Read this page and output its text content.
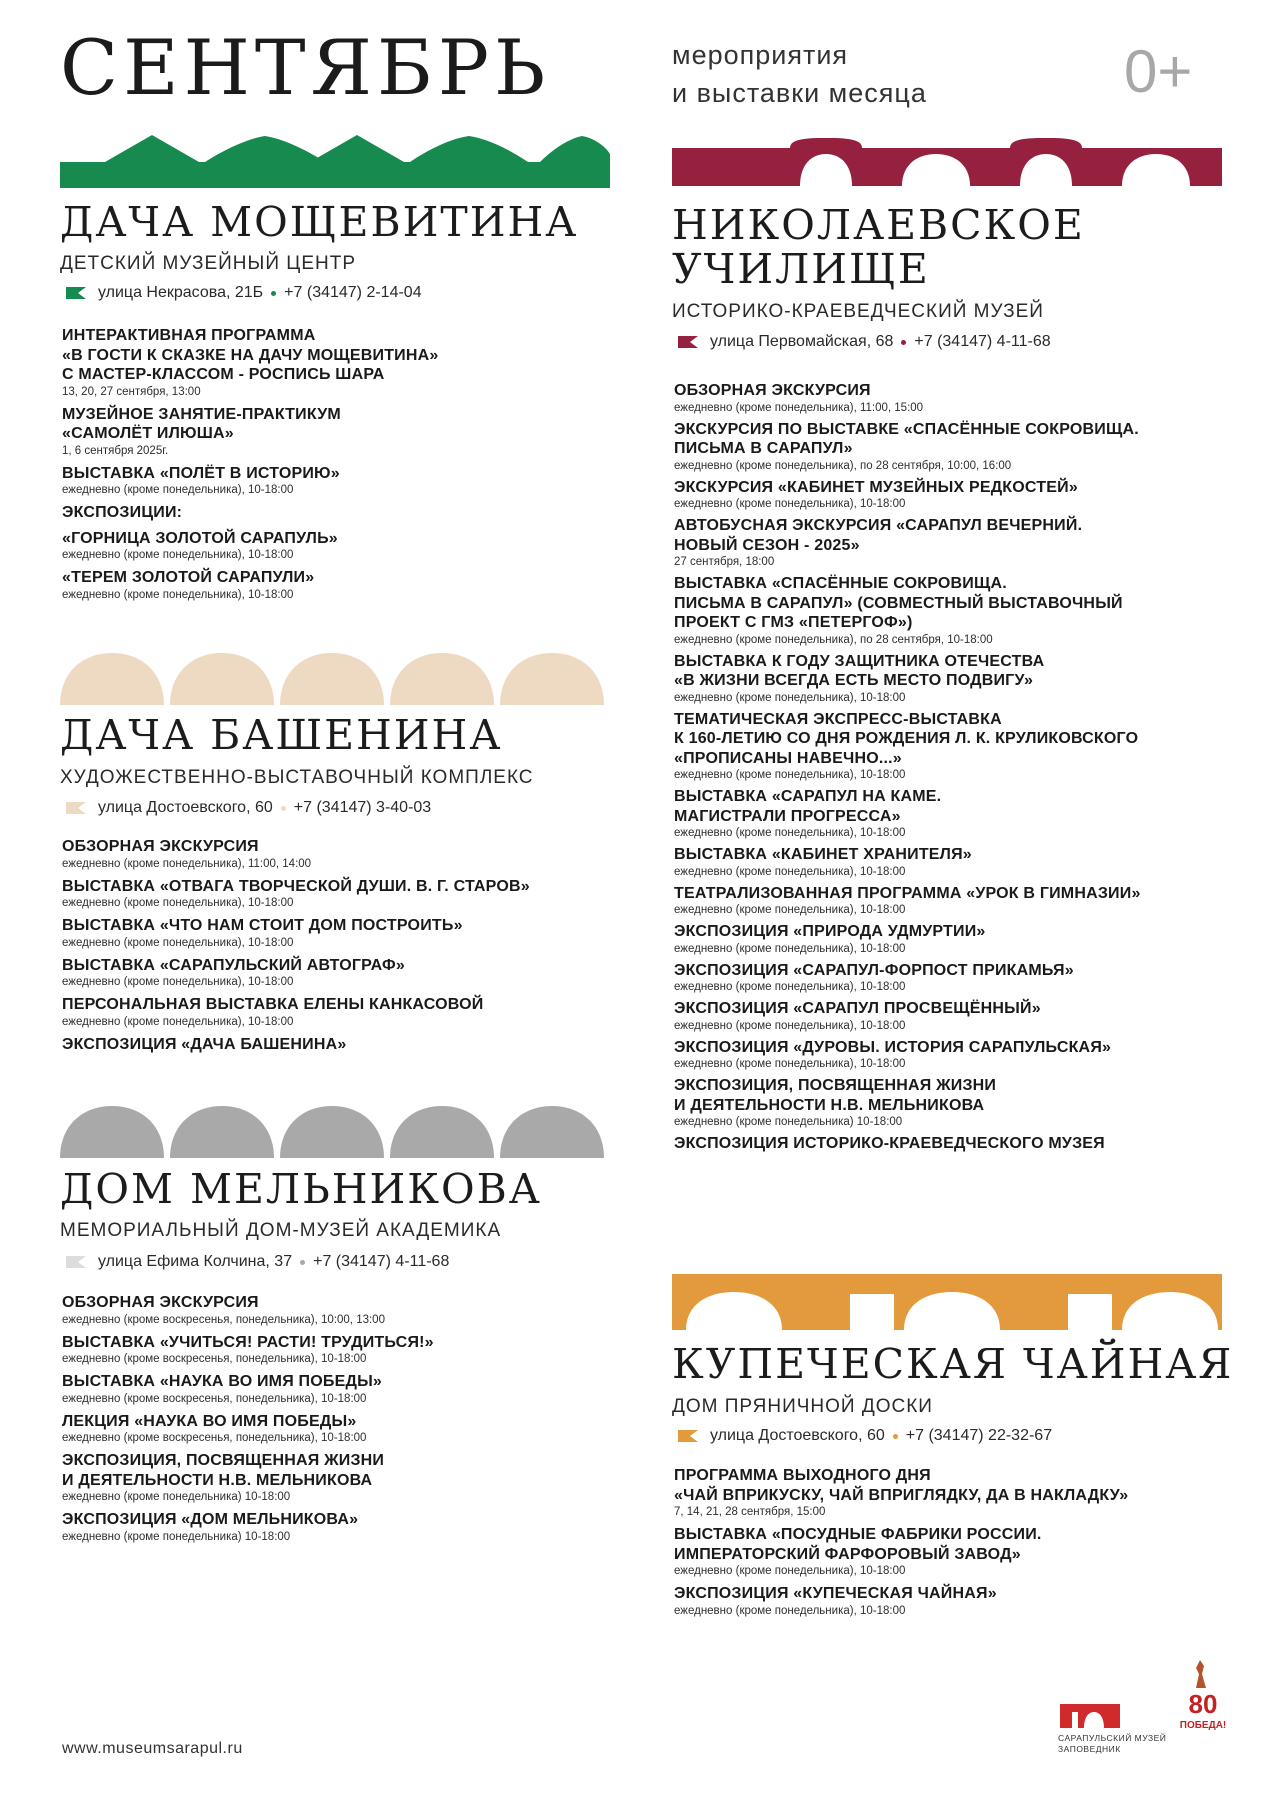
СЕНТЯБРЬ	мероприятия
и выставки месяца	0+
ДАЧА МОЩЕВИТИНА
ДЕТСКИЙ МУЗЕЙНЫЙ ЦЕНТР
улица Некрасова, 21Б +7 (34147) 2-14-04
ИНТЕРАКТИВНАЯ ПРОГРАММА
«В ГОСТИ К СКАЗКЕ НА ДАЧУ МОЩЕВИТИНА»
С МАСТЕР-КЛАССОМ - РОСПИСЬ ШАРА
13, 20, 27 сентября, 13:00
МУЗЕЙНОЕ ЗАНЯТИЕ-ПРАКТИКУМ
«САМОЛЁТ ИЛЮША»
1, 6 сентября 2025г.
ВЫСТАВКА «ПОЛЁТ В ИСТОРИЮ»
ежедневно (кроме понедельника), 10-18:00
ЭКСПОЗИЦИИ:
«ГОРНИЦА ЗОЛОТОЙ САРАПУЛЬ»
ежедневно (кроме понедельника), 10-18:00
«ТЕРЕМ ЗОЛОТОЙ САРАПУЛИ»
ежедневно (кроме понедельника), 10-18:00
ДАЧА БАШЕНИНА
ХУДОЖЕСТВЕННО-ВЫСТАВОЧНЫЙ КОМПЛЕКС
улица Достоевского, 60 +7 (34147) 3-40-03
ОБЗОРНАЯ ЭКСКУРСИЯ
ежедневно (кроме понедельника), 11:00, 14:00
ВЫСТАВКА «ОТВАГА ТВОРЧЕСКОЙ ДУШИ. В. Г. СТАРОВ»
ежедневно (кроме понедельника), 10-18:00
ВЫСТАВКА «ЧТО НАМ СТОИТ ДОМ ПОСТРОИТЬ»
ежедневно (кроме понедельника), 10-18:00
ВЫСТАВКА «САРАПУЛЬСКИЙ АВТОГРАФ»
ежедневно (кроме понедельника), 10-18:00
ПЕРСОНАЛЬНАЯ ВЫСТАВКА ЕЛЕНЫ КАНКАСОВОЙ
ежедневно (кроме понедельника), 10-18:00
ЭКСПОЗИЦИЯ «ДАЧА БАШЕНИНА»
ДОМ МЕЛЬНИКОВА
МЕМОРИАЛЬНЫЙ ДОМ-МУЗЕЙ АКАДЕМИКА
улица Ефима Колчина, 37 +7 (34147) 4-11-68
ОБЗОРНАЯ ЭКСКУРСИЯ
ежедневно (кроме воскресенья, понедельника), 10:00, 13:00
ВЫСТАВКА «УЧИТЬСЯ! РАСТИ! ТРУДИТЬСЯ!»
ежедневно (кроме воскресенья, понедельника), 10-18:00
ВЫСТАВКА «НАУКА ВО ИМЯ ПОБЕДЫ»
ежедневно (кроме воскресенья, понедельника), 10-18:00
ЛЕКЦИЯ «НАУКА ВО ИМЯ ПОБЕДЫ»
ежедневно (кроме воскресенья, понедельника), 10-18:00
ЭКСПОЗИЦИЯ, ПОСВЯЩЕННАЯ ЖИЗНИ
И ДЕЯТЕЛЬНОСТИ Н.В. МЕЛЬНИКОВА
ежедневно (кроме понедельника) 10-18:00
ЭКСПОЗИЦИЯ «ДОМ МЕЛЬНИКОВА»
ежедневно (кроме понедельника) 10-18:00
НИКОЛАЕВСКОЕ
УЧИЛИЩЕ
ИСТОРИКО-КРАЕВЕДЧЕСКИЙ МУЗЕЙ
улица Первомайская, 68 +7 (34147) 4-11-68
ОБЗОРНАЯ ЭКСКУРСИЯ
ежедневно (кроме понедельника), 11:00, 15:00
ЭКСКУРСИЯ ПО ВЫСТАВКЕ «СПАСЁННЫЕ СОКРОВИЩА.
ПИСЬМА В САРАПУЛ»
ежедневно (кроме понедельника), по 28 сентября, 10:00, 16:00
ЭКСКУРСИЯ «КАБИНЕТ МУЗЕЙНЫХ РЕДКОСТЕЙ»
ежедневно (кроме понедельника), 10-18:00
АВТОБУСНАЯ ЭКСКУРСИЯ «САРАПУЛ ВЕЧЕРНИЙ.
НОВЫЙ СЕЗОН - 2025»
27 сентября, 18:00
ВЫСТАВКА «СПАСЁННЫЕ СОКРОВИЩА.
ПИСЬМА В САРАПУЛ» (СОВМЕСТНЫЙ ВЫСТАВОЧНЫЙ
ПРОЕКТ С ГМЗ «ПЕТЕРГОФ»)
ежедневно (кроме понедельника), по 28 сентября, 10-18:00
ВЫСТАВКА К ГОДУ ЗАЩИТНИКА ОТЕЧЕСТВА
«В ЖИЗНИ ВСЕГДА ЕСТЬ МЕСТО ПОДВИГУ»
ежедневно (кроме понедельника), 10-18:00
ТЕМАТИЧЕСКАЯ ЭКСПРЕСС-ВЫСТАВКА
К 160-ЛЕТИЮ СО ДНЯ РОЖДЕНИЯ Л. К. КРУЛИКОВСКОГО
«ПРОПИСАНЫ НАВЕЧНО...»
ежедневно (кроме понедельника), 10-18:00
ВЫСТАВКА «САРАПУЛ НА КАМЕ.
МАГИСТРАЛИ ПРОГРЕССА»
ежедневно (кроме понедельника), 10-18:00
ВЫСТАВКА «КАБИНЕТ ХРАНИТЕЛЯ»
ежедневно (кроме понедельника), 10-18:00
ТЕАТРАЛИЗОВАННАЯ ПРОГРАММА «УРОК В ГИМНАЗИИ»
ежедневно (кроме понедельника), 10-18:00
ЭКСПОЗИЦИЯ «ПРИРОДА УДМУРТИИ»
ежедневно (кроме понедельника), 10-18:00
ЭКСПОЗИЦИЯ «САРАПУЛ-ФОРПОСТ ПРИКАМЬЯ»
ежедневно (кроме понедельника), 10-18:00
ЭКСПОЗИЦИЯ «САРАПУЛ ПРОСВЕЩЁННЫЙ»
ежедневно (кроме понедельника), 10-18:00
ЭКСПОЗИЦИЯ «ДУРОВЫ. ИСТОРИЯ САРАПУЛЬСКАЯ»
ежедневно (кроме понедельника), 10-18:00
ЭКСПОЗИЦИЯ, ПОСВЯЩЕННАЯ ЖИЗНИ
И ДЕЯТЕЛЬНОСТИ Н.В. МЕЛЬНИКОВА
ежедневно (кроме понедельника) 10-18:00
ЭКСПОЗИЦИЯ ИСТОРИКО-КРАЕВЕДЧЕСКОГО МУЗЕЯ
КУПЕЧЕСКАЯ ЧАЙНАЯ
ДОМ ПРЯНИЧНОЙ ДОСКИ
улица Достоевского, 60 +7 (34147) 22-32-67
ПРОГРАММА ВЫХОДНОГО ДНЯ
«ЧАЙ ВПРИКУСКУ, ЧАЙ ВПРИГЛЯДКУ, ДА В НАКЛАДКУ»
7, 14, 21, 28 сентября, 15:00
ВЫСТАВКА «ПОСУДНЫЕ ФАБРИКИ РОССИИ.
ИМПЕРАТОРСКИЙ ФАРФОРОВЫЙ ЗАВОД»
ежедневно (кроме понедельника), 10-18:00
ЭКСПОЗИЦИЯ «КУПЕЧЕСКАЯ ЧАЙНАЯ»
ежедневно (кроме понедельника), 10-18:00
www.museumsarapul.ru
САРАПУЛЬСКИЙ МУЗЕЙ ЗАПОВЕДНИК
80
ПОБЕДА!
